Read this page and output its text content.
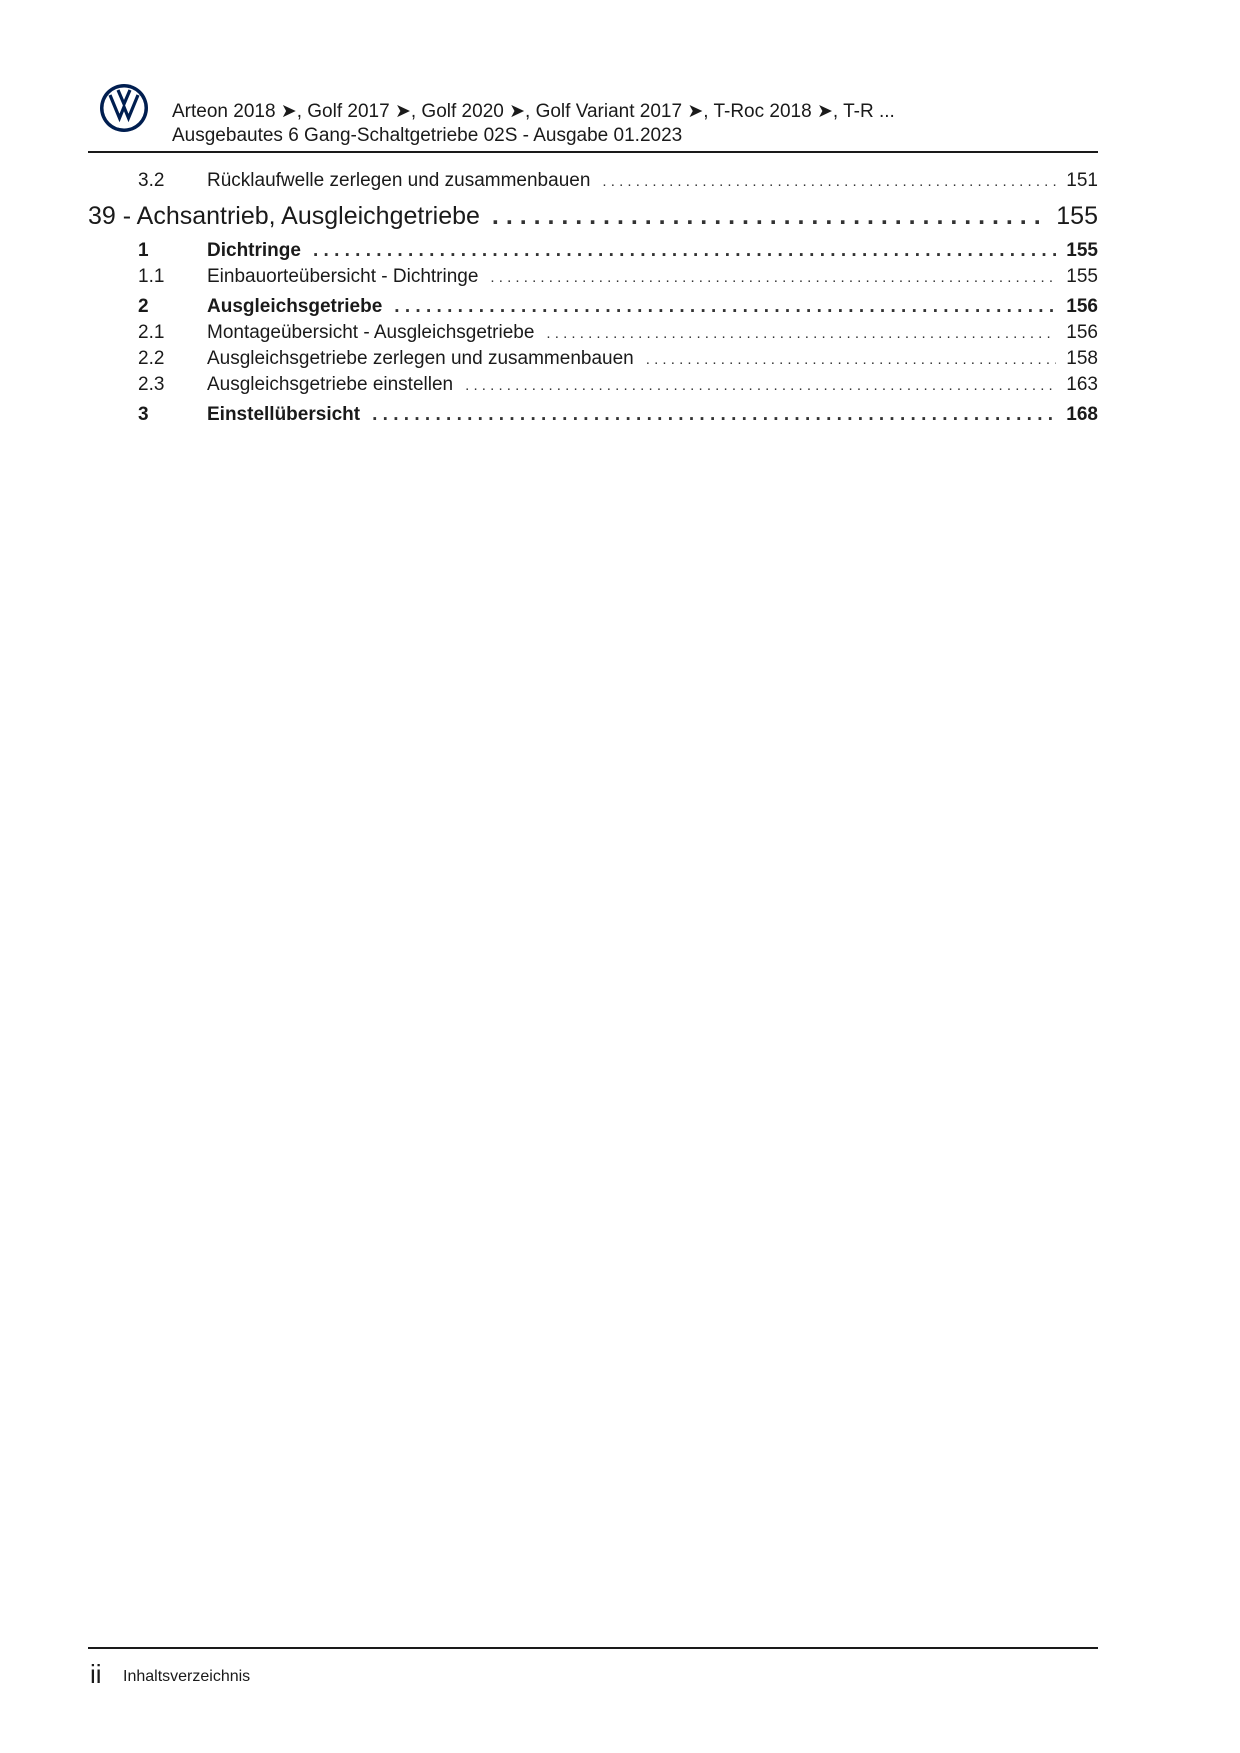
Arteon 2018 ➤, Golf 2017 ➤, Golf 2020 ➤, Golf Variant 2017 ➤, T-Roc 2018 ➤, T-R ...
Ausgebautes 6 Gang-Schaltgetriebe 02S - Ausgabe 01.2023
3.2	Rücklaufwelle zerlegen und zusammenbauen . . .	151
39 - Achsantrieb, Ausgleichgetriebe . . .	155
1	Dichtringe . . .	155
1.1	Einbauorteübersicht - Dichtringe . . .	155
2	Ausgleichsgetriebe . . .	156
2.1	Montageübersicht - Ausgleichsgetriebe . . .	156
2.2	Ausgleichsgetriebe zerlegen und zusammenbauen . . .	158
2.3	Ausgleichsgetriebe einstellen . . .	163
3	Einstellübersicht . . .	168
ii Inhaltsverzeichnis
